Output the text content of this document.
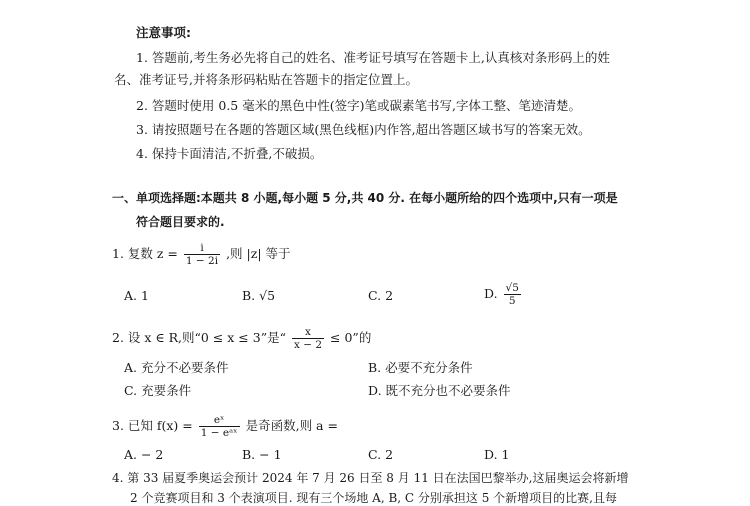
注意事项:
1. 答题前,考生务必先将自己的姓名、准考证号填写在答题卡上,认真核对条形码上的姓
名、准考证号,并将条形码粘贴在答题卡的指定位置上。
2. 答题时使用 0.5 毫米的黑色中性(签字)笔或碳素笔书写,字体工整、笔迹清楚。
3. 请按照题号在各题的答题区域(黑色线框)内作答,超出答题区域书写的答案无效。
4. 保持卡面清洁,不折叠,不破损。
一、单项选择题:本题共 8 小题,每小题 5 分,共 40 分. 在每小题所给的四个选项中,只有一项是
符合题目要求的.
1. 复数 $z = \frac{i}{1 - 2i}$ ,则 |z| 等于
A. 1	B. √5	C. 2	D. $\frac{√5}{5}$
2. 设 x ∈ R,则“0 ≤ x ≤ 3”是“ $\frac{x}{x - 2} \le 0$”的
A. 充分不必要条件	B. 必要不充分条件
C. 充要条件	D. 既不充分也不必要条件
3. 已知 $f(x) = \frac{\text{eˣ}}{\text{1 − eᵃˣ}}$ 是奇函数,则 a =
A. − 2	B. − 1	C. 2	D. 1
4. 第 33 届夏季奥运会预计 2024 年 7 月 26 日至 8 月 11 日在法国巴黎举办,这届奥运会将新增
2 个竞赛项目和 3 个表演项目. 现有三个场地 A, B, C 分别承担这 5 个新增项目的比赛,且每
